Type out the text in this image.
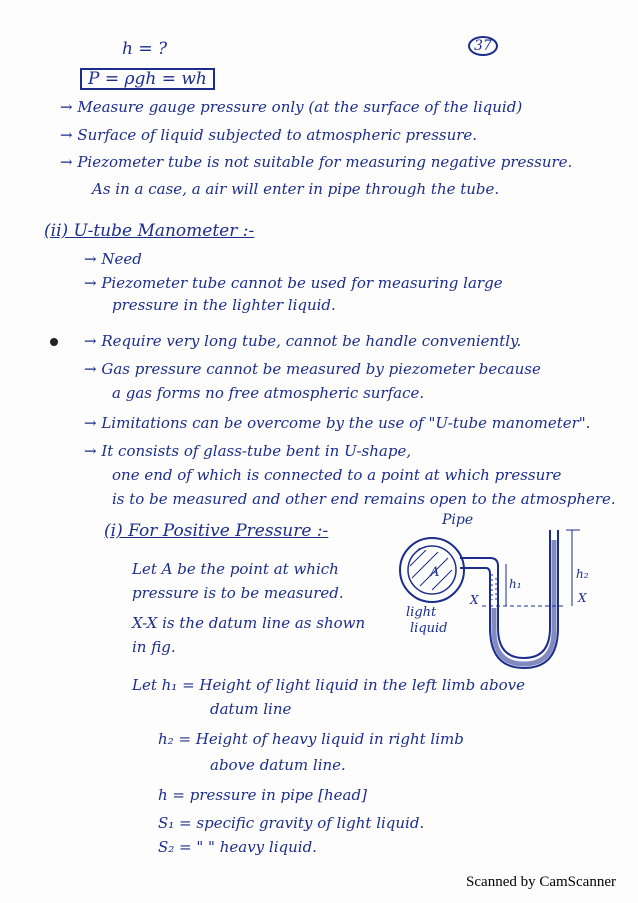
h = ?	37
P = ρgh = wh
→ Measure gauge pressure only (at the surface of the liquid)
→ Surface of liquid subjected to atmospheric pressure.
→ Piezometer tube is not suitable for measuring negative pressure.
As in a case, a air will enter in pipe through the tube.
(ii) U-tube Manometer :-
→ Need
→ Piezometer tube cannot be used for measuring large
pressure in the lighter liquid.
→ Require very long tube, cannot be handle conveniently.
→ Gas pressure cannot be measured by piezometer because
a gas forms no free atmospheric surface.
→ Limitations can be overcome by the use of "U-tube manometer".
→ It consists of glass-tube bent in U-shape,
one end of which is connected to a point at which pressure
is to be measured and other end remains open to the atmosphere.
(i) For Positive Pressure :-
Let A be the point at which
pressure is to be measured.
X-X is the datum line as shown
in fig.
A
Pipe
h₁
h₂
X	X
light
liquid
Let h₁ = Height of light liquid in the left limb above
datum line
h₂ = Height of heavy liquid in right limb
above datum line.
h = pressure in pipe [head]
S₁ = specific gravity of light liquid.
S₂ = " " heavy liquid.
Scanned by CamScanner
